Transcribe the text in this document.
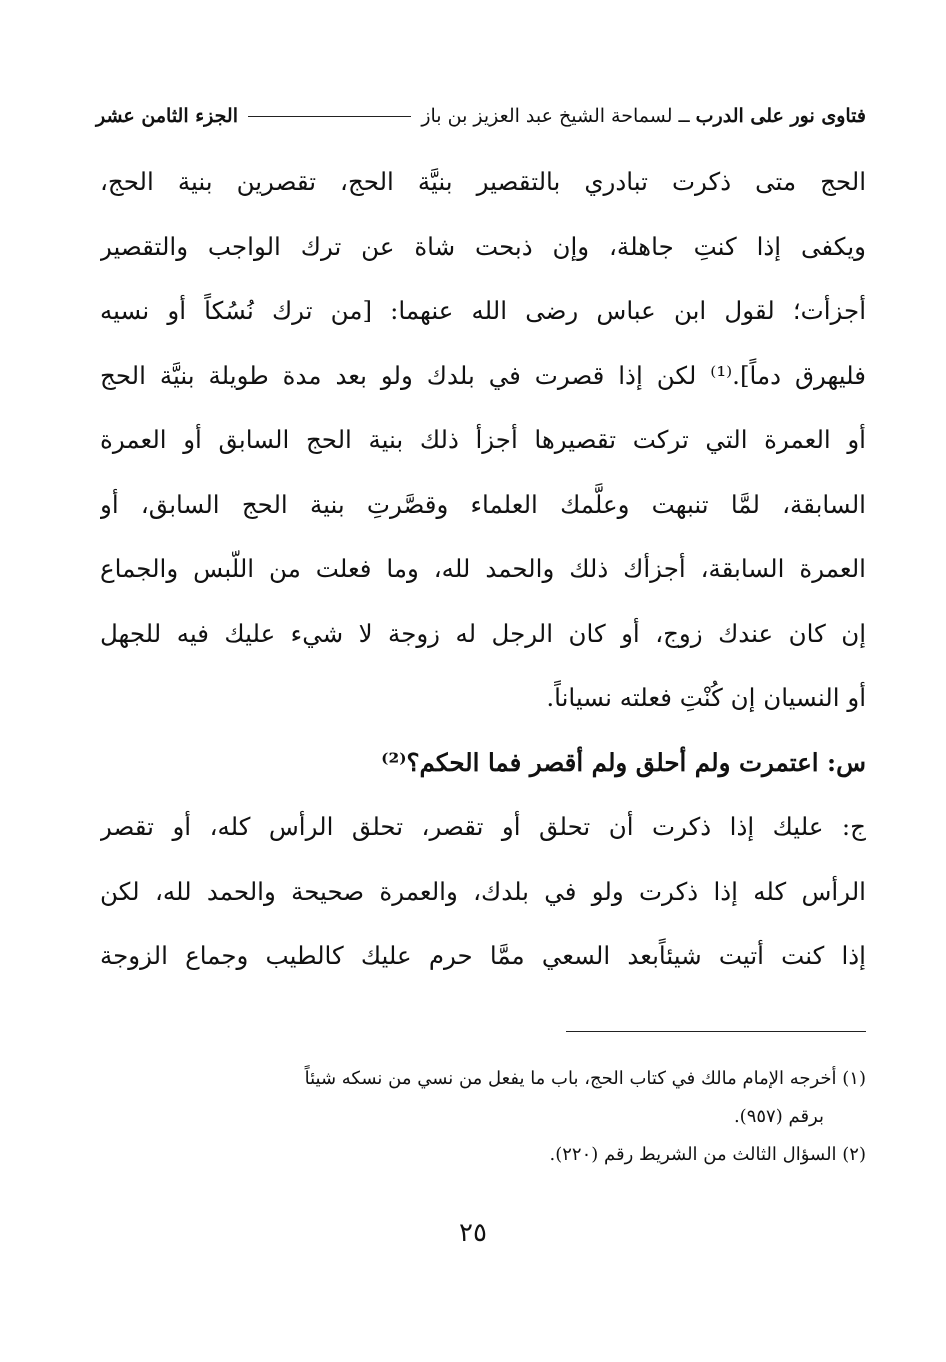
فتاوى نور على الدرب
ــ
لسماحة الشيخ عبد العزيز بن باز
الجزء الثامن عشر
الحج متى ذكرت تبادري بالتقصير بنيَّة الحج، تقصرين بنية الحج،
ويكفى إذا كنتِ جاهلة، وإن ذبحت شاة عن ترك الواجب والتقصير
أجزأت؛ لقول ابن عباس رضى الله عنهما: [من ترك نُسُكاً أو نسيه
فليهرق دماً].⁽¹⁾ لكن إذا قصرت في بلدك ولو بعد مدة طويلة بنيَّة الحج
أو العمرة التي تركت تقصيرها أجزأ ذلك بنية الحج السابق أو العمرة
السابقة، لمَّا تنبهت وعلَّمك العلماء وقصَّرتِ بنية الحج السابق، أو
العمرة السابقة، أجزأك ذلك والحمد لله، وما فعلت من اللّبس والجماع
إن كان عندك زوج، أو كان الرجل له زوجة لا شيء عليك فيه للجهل
أو النسيان إن كُنْتِ فعلته نسياناً.
س: اعتمرت ولم أحلق ولم أقصر فما الحكم؟⁽²⁾
ج: عليك إذا ذكرت أن تحلق أو تقصر، تحلق الرأس كله، أو تقصر
الرأس كله إذا ذكرت ولو في بلدك، والعمرة صحيحة والحمد لله، لكن
إذا كنت أتيت شيئاًبعد السعي ممَّا حرم عليك كالطيب وجماع الزوجة
(١) أخرجه الإمام مالك في كتاب الحج، باب ما يفعل من نسي من نسكه شيئاً
برقم (٩٥٧).
(٢) السؤال الثالث من الشريط رقم (٢٢٠).
٢٥
